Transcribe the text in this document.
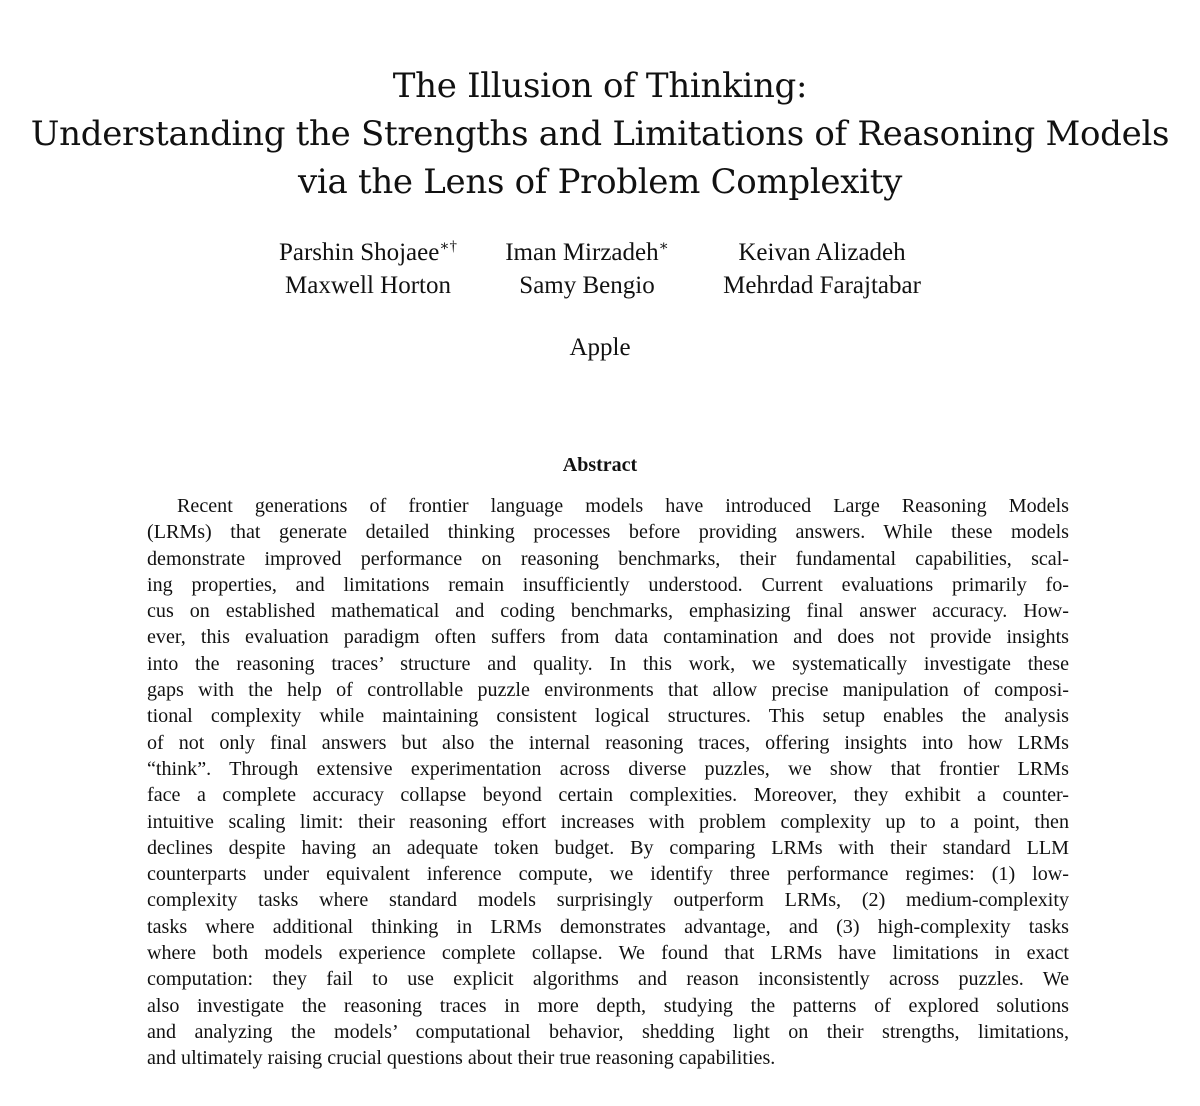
The Illusion of Thinking:
Understanding the Strengths and Limitations of Reasoning Models
via the Lens of Problem Complexity
Parshin Shojaee∗† Iman Mirzadeh∗	Keivan Alizadeh
Maxwell Horton	Samy Bengio	Mehrdad Farajtabar
Apple
Abstract
Recent generations of frontier language models have introduced Large Reasoning Models
(LRMs) that generate detailed thinking processes before providing answers. While these models
demonstrate improved performance on reasoning benchmarks, their fundamental capabilities, scal-
ing properties, and limitations remain insufficiently understood. Current evaluations primarily fo-
cus on established mathematical and coding benchmarks, emphasizing final answer accuracy. How-
ever, this evaluation paradigm often suffers from data contamination and does not provide insights
into the reasoning traces’ structure and quality. In this work, we systematically investigate these
gaps with the help of controllable puzzle environments that allow precise manipulation of composi-
tional complexity while maintaining consistent logical structures. This setup enables the analysis
of not only final answers but also the internal reasoning traces, offering insights into how LRMs
“think”. Through extensive experimentation across diverse puzzles, we show that frontier LRMs
face a complete accuracy collapse beyond certain complexities. Moreover, they exhibit a counter-
intuitive scaling limit: their reasoning effort increases with problem complexity up to a point, then
declines despite having an adequate token budget. By comparing LRMs with their standard LLM
counterparts under equivalent inference compute, we identify three performance regimes: (1) low-
complexity tasks where standard models surprisingly outperform LRMs, (2) medium-complexity
tasks where additional thinking in LRMs demonstrates advantage, and (3) high-complexity tasks
where both models experience complete collapse. We found that LRMs have limitations in exact
computation: they fail to use explicit algorithms and reason inconsistently across puzzles. We
also investigate the reasoning traces in more depth, studying the patterns of explored solutions
and analyzing the models’ computational behavior, shedding light on their strengths, limitations,
and ultimately raising crucial questions about their true reasoning capabilities.
